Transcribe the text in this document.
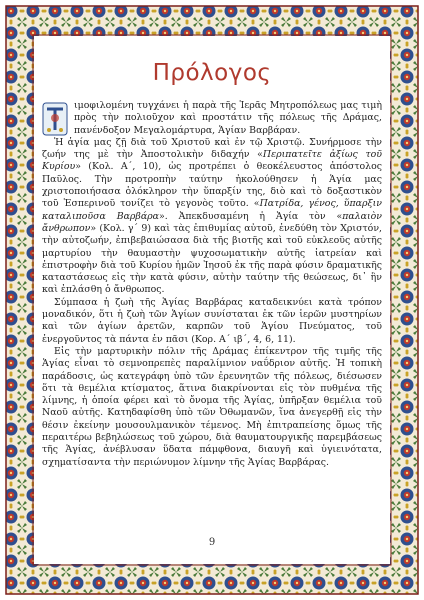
Πρόλογος

ιμοφιλομένη τυγχάνει ἡ παρὰ τῆς Ἱερᾶς Μητροπόλεως μας τιμὴ πρὸς τὴν πολιοῦχον καὶ προστάτιν τῆς πόλεως τῆς Δράμας, πανένδοξον Μεγαλομάρτυρα, Ἁγίαν Βαρβάραν.

Ἡ ἁγία μας ζῇ διὰ τοῦ Χριστοῦ καὶ ἐν τῷ Χριστῷ. Συνήρμοσε τὴν ζωήν της μὲ τὴν Ἀποστολικὴν διδαχήν «Περιπατεῖτε ἀξίως τοῦ Κυρίου» (Κολ. Α΄, 10), ὡς προτρέπει ὁ θεοκέλευστος ἀπόστολος Παῦλος. Τὴν προτροπὴν ταύτην ἠκολούθησεν ἡ Ἁγία μας χριστοποιήσασα ὁλόκληρον τὴν ὕπαρξίν της, διὸ καὶ τὸ δοξαστικὸν τοῦ Ἑσπερινοῦ τονίζει τὸ γεγονὸς τοῦτο. «Πατρίδα, γένος, ὕπαρξιν καταλιποῦσα Βαρβάρα». Ἀπεκδυσαμένη ἡ Ἁγία τὸν «παλαιὸν ἄνθρωπον» (Κολ. γ΄ 9) καὶ τὰς ἐπιθυμίας αὐτοῦ, ἐνεδύθη τὸν Χριστόν, τὴν αὐτοζωήν, ἐπιβεβαιώσασα διὰ τῆς βιοτῆς καὶ τοῦ εὐκλεοῦς αὐτῆς μαρτυρίου τὴν θαυμαστὴν ψυχοσωματικὴν αὐτῆς ἰατρείαν καὶ ἐπιστροφὴν διὰ τοῦ Κυρίου ἡμῶν Ἰησοῦ ἐκ τῆς παρὰ φύσιν δραματικῆς καταστάσεως εἰς τὴν κατὰ φύσιν, αὐτὴν ταύτην τῆς θεώσεως, δι᾽ ἣν καὶ ἐπλάσθη ὁ ἄνθρωπος.

Σύμπασα ἡ ζωὴ τῆς Ἁγίας Βαρβάρας καταδεικνύει κατὰ τρόπον μοναδικόν, ὅτι ἡ ζωὴ τῶν Ἁγίων συνίσταται ἐκ τῶν ἱερῶν μυστηρίων καὶ τῶν ἁγίων ἀρετῶν, καρπῶν τοῦ Ἁγίου Πνεύματος, τοῦ ἐνεργοῦντος τὰ πάντα ἐν πᾶσι (Κορ. Α΄ ιβ΄, 4, 6, 11).

Εἰς τὴν μαρτυρικὴν πόλιν τῆς Δράμας ἐπίκεντρον τῆς τιμῆς τῆς Ἁγίας εἶναι τὸ σεμνοπρεπὲς παραλίμνιον ναΰδριον αὐτῆς. Ἡ τοπικὴ παράδοσις, ὡς κατεγράφη ὑπὸ τῶν ἐρευνητῶν τῆς πόλεως, διέσωσεν ὅτι τὰ θεμέλια κτίσματος, ἅτινα διακρίνονται εἰς τὸν πυθμένα τῆς λίμνης, ἡ ὁποία φέρει καὶ τὸ ὄνομα τῆς Ἁγίας, ὑπῆρξαν θεμέλια τοῦ Ναοῦ αὐτῆς. Κατηδαφίσθη ὑπὸ τῶν Ὀθωμανῶν, ἵνα ἀνεγερθῇ εἰς τὴν θέσιν ἐκείνην μουσουλμανικὸν τέμενος. Μὴ ἐπιτραπείσης ὅμως τῆς περαιτέρω βεβηλώσεως τοῦ χώρου, διὰ θαυματουργικῆς παρεμβάσεως τῆς Ἁγίας, ἀνέβλυσαν ὕδατα πάμφθονα, διαυγῆ καὶ ὑγιεινότατα, σχηματίσαντα τὴν περιώνυμον λίμνην τῆς Ἁγίας Βαρβάρας.

9
